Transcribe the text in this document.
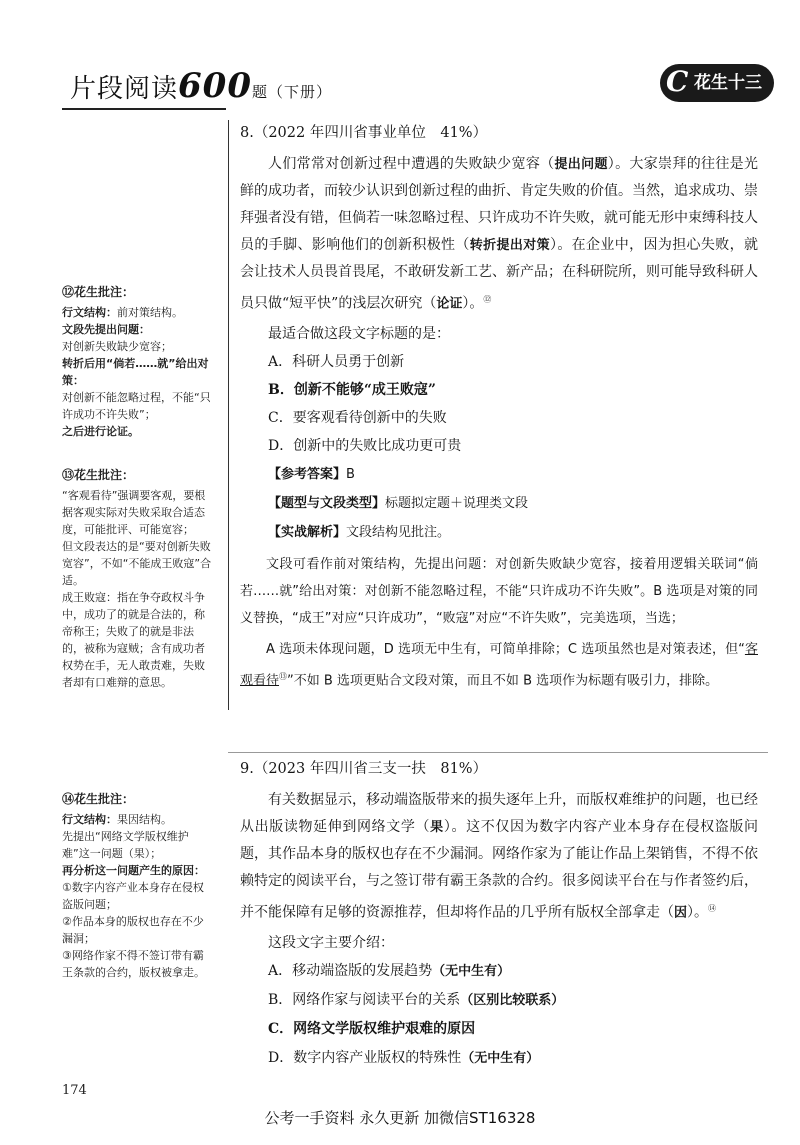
片段阅读600题（下册）	C 花生十三
⑫花生批注：

行文结构：前对策结构。

文段先提出问题：

对创新失败缺少宽容；

转折后用“倘若……就”给出对策：

对创新不能忽略过程，不能“只许成功不许失败”；

之后进行论证。

⑬花生批注：

“客观看待”强调要客观，要根据客观实际对失败采取合适态度，可能批评、可能宽容；

但文段表达的是“要对创新失败宽容”，不如“不能成王败寇”合适。

成王败寇：指在争夺政权斗争中，成功了的就是合法的，称帝称王；失败了的就是非法的，被称为寇贼；含有成功者权势在手，无人敢责难，失败者却有口难辩的意思。

⑭花生批注：

行文结构：果因结构。

先提出“网络文学版权维护难”这一问题（果）；

再分析这一问题产生的原因：

①数字内容产业本身存在侵权盗版问题；

②作品本身的版权也存在不少漏洞；

③网络作家不得不签订带有霸王条款的合约，版权被拿走。

8.（2022 年四川省事业单位　41%）

人们常常对创新过程中遭遇的失败缺少宽容（提出问题）。大家崇拜的往往是光鲜的成功者，而较少认识到创新过程的曲折、肯定失败的价值。当然，追求成功、崇拜强者没有错，但倘若一味忽略过程、只许成功不许失败，就可能无形中束缚科技人员的手脚、影响他们的创新积极性（转折提出对策）。在企业中，因为担心失败，就会让技术人员畏首畏尾，不敢研发新工艺、新产品；在科研院所，则可能导致科研人员只做“短平快”的浅层次研究（论证）。⑫

最适合做这段文字标题的是：

A．科研人员勇于创新

B．创新不能够“成王败寇”

C．要客观看待创新中的失败

D．创新中的失败比成功更可贵

【参考答案】B

【题型与文段类型】标题拟定题＋说理类文段

【实战解析】文段结构见批注。

文段可看作前对策结构，先提出问题：对创新失败缺少宽容，接着用逻辑关联词“倘若……就”给出对策：对创新不能忽略过程，不能“只许成功不许失败”。B 选项是对策的同义替换，“成王”对应“只许成功”，“败寇”对应“不许失败”，完美选项，当选；

A 选项未体现问题，D 选项无中生有，可简单排除；C 选项虽然也是对策表述，但“客观看待⑬”不如 B 选项更贴合文段对策，而且不如 B 选项作为标题有吸引力，排除。

9.（2023 年四川省三支一扶　81%）

有关数据显示，移动端盗版带来的损失逐年上升，而版权难维护的问题，也已经从出版读物延伸到网络文学（果）。这不仅因为数字内容产业本身存在侵权盗版问题，其作品本身的版权也存在不少漏洞。网络作家为了能让作品上架销售，不得不依赖特定的阅读平台，与之签订带有霸王条款的合约。很多阅读平台在与作者签约后，并不能保障有足够的资源推荐，但却将作品的几乎所有版权全部拿走（因）。⑭

这段文字主要介绍：

A．移动端盗版的发展趋势（无中生有）

B．网络作家与阅读平台的关系（区别比较联系）

C．网络文学版权维护艰难的原因

D．数字内容产业版权的特殊性（无中生有）

174
公考一手资料 永久更新 加微信ST16328
